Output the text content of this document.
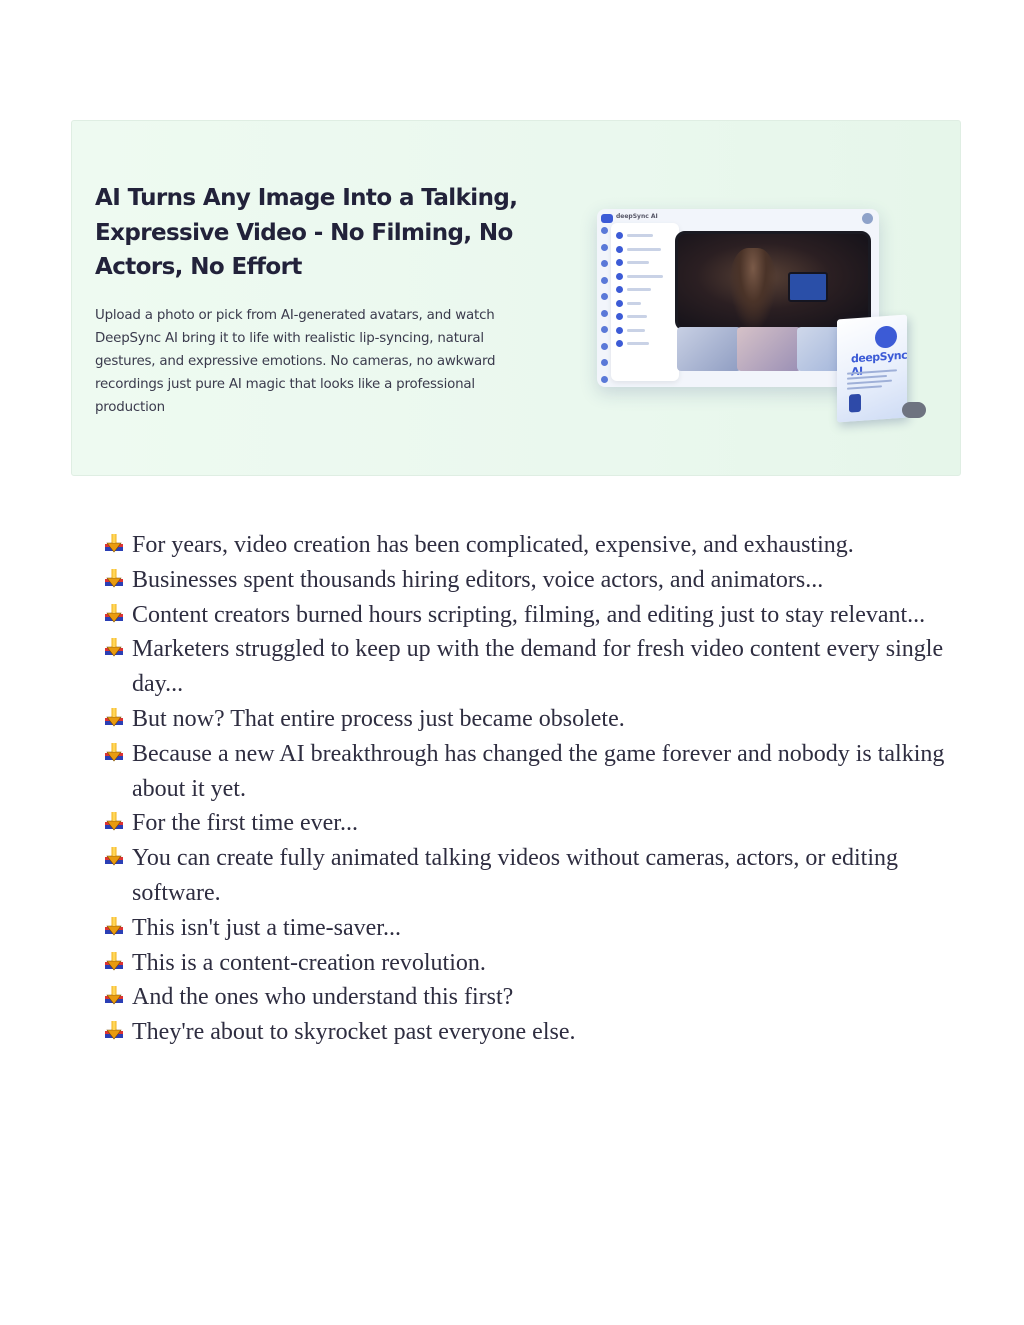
AI Turns Any Image Into a Talking, Expressive Video - No Filming, No Actors, No Effort

Upload a photo or pick from AI-generated avatars, and watch DeepSync AI bring it to life with realistic lip-syncing, natural gestures, and expressive emotions. No cameras, no awkward recordings just pure AI magic that looks like a professional production

deepSync AI
deepSync
For years, video creation has been complicated, expensive, and exhausting.
Businesses spent thousands hiring editors, voice actors, and animators...
Content creators burned hours scripting, filming, and editing just to stay relevant...
Marketers struggled to keep up with the demand for fresh video content every single day...
But now? That entire process just became obsolete.
Because a new AI breakthrough has changed the game forever and nobody is talking about it yet.
For the first time ever...
You can create fully animated talking videos without cameras, actors, or editing software.
This isn't just a time-saver...
This is a content-creation revolution.
And the ones who understand this first?
They're about to skyrocket past everyone else.
